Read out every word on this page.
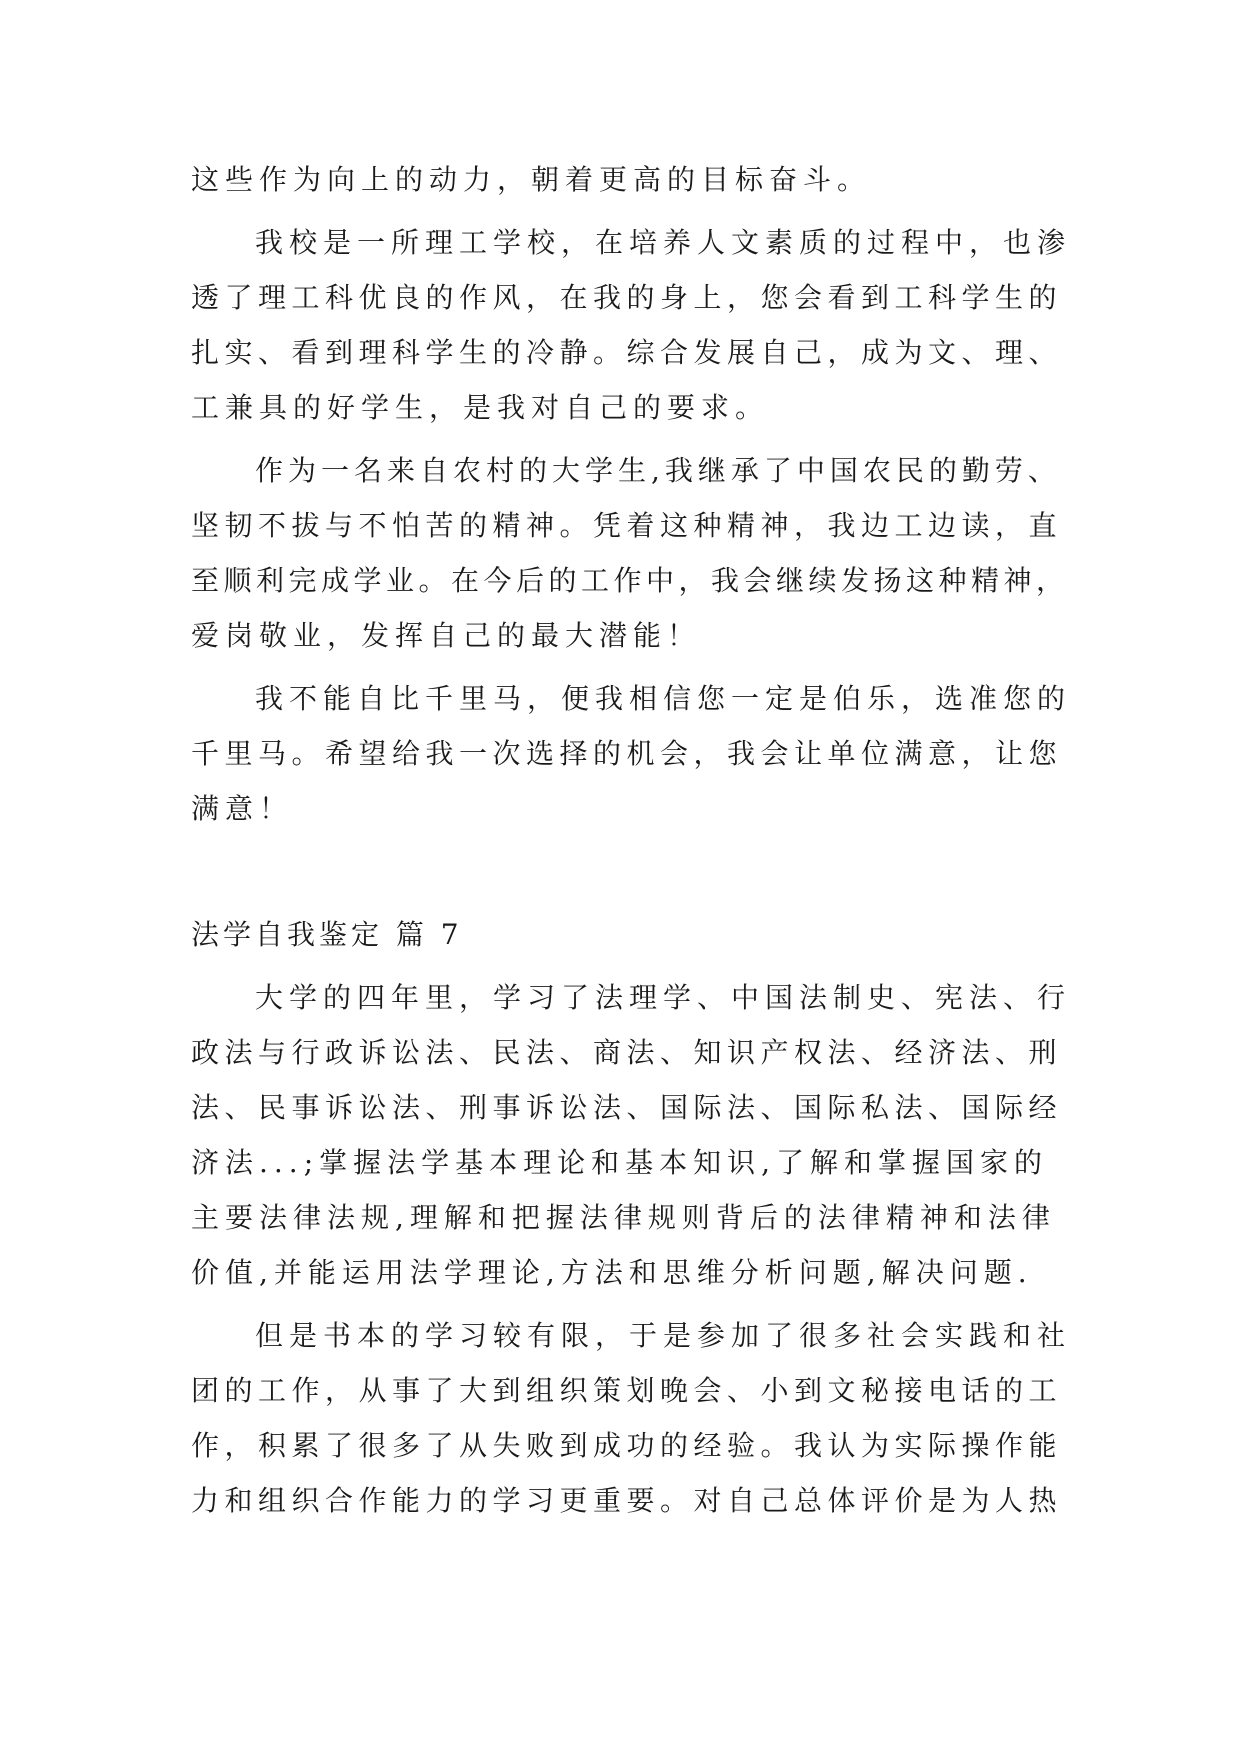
这些作为向上的动力，朝着更高的目标奋斗。
我校是一所理工学校，在培养人文素质的过程中，也渗
透了理工科优良的作风，在我的身上，您会看到工科学生的
扎实、看到理科学生的冷静。综合发展自己，成为文、理、
工兼具的好学生，是我对自己的要求。
作为一名来自农村的大学生,我继承了中国农民的勤劳、
坚韧不拔与不怕苦的精神。凭着这种精神，我边工边读，直
至顺利完成学业。在今后的工作中，我会继续发扬这种精神，
爱岗敬业，发挥自己的最大潜能！
我不能自比千里马，便我相信您一定是伯乐，选准您的
千里马。希望给我一次选择的机会，我会让单位满意，让您
满意！
法学自我鉴定 篇 7
大学的四年里，学习了法理学、中国法制史、宪法、行
政法与行政诉讼法、民法、商法、知识产权法、经济法、刑
法、民事诉讼法、刑事诉讼法、国际法、国际私法、国际经
济法...;掌握法学基本理论和基本知识,了解和掌握国家的
主要法律法规,理解和把握法律规则背后的法律精神和法律
价值,并能运用法学理论,方法和思维分析问题,解决问题.
但是书本的学习较有限，于是参加了很多社会实践和社
团的工作，从事了大到组织策划晚会、小到文秘接电话的工
作，积累了很多了从失败到成功的经验。我认为实际操作能
力和组织合作能力的学习更重要。对自己总体评价是为人热
